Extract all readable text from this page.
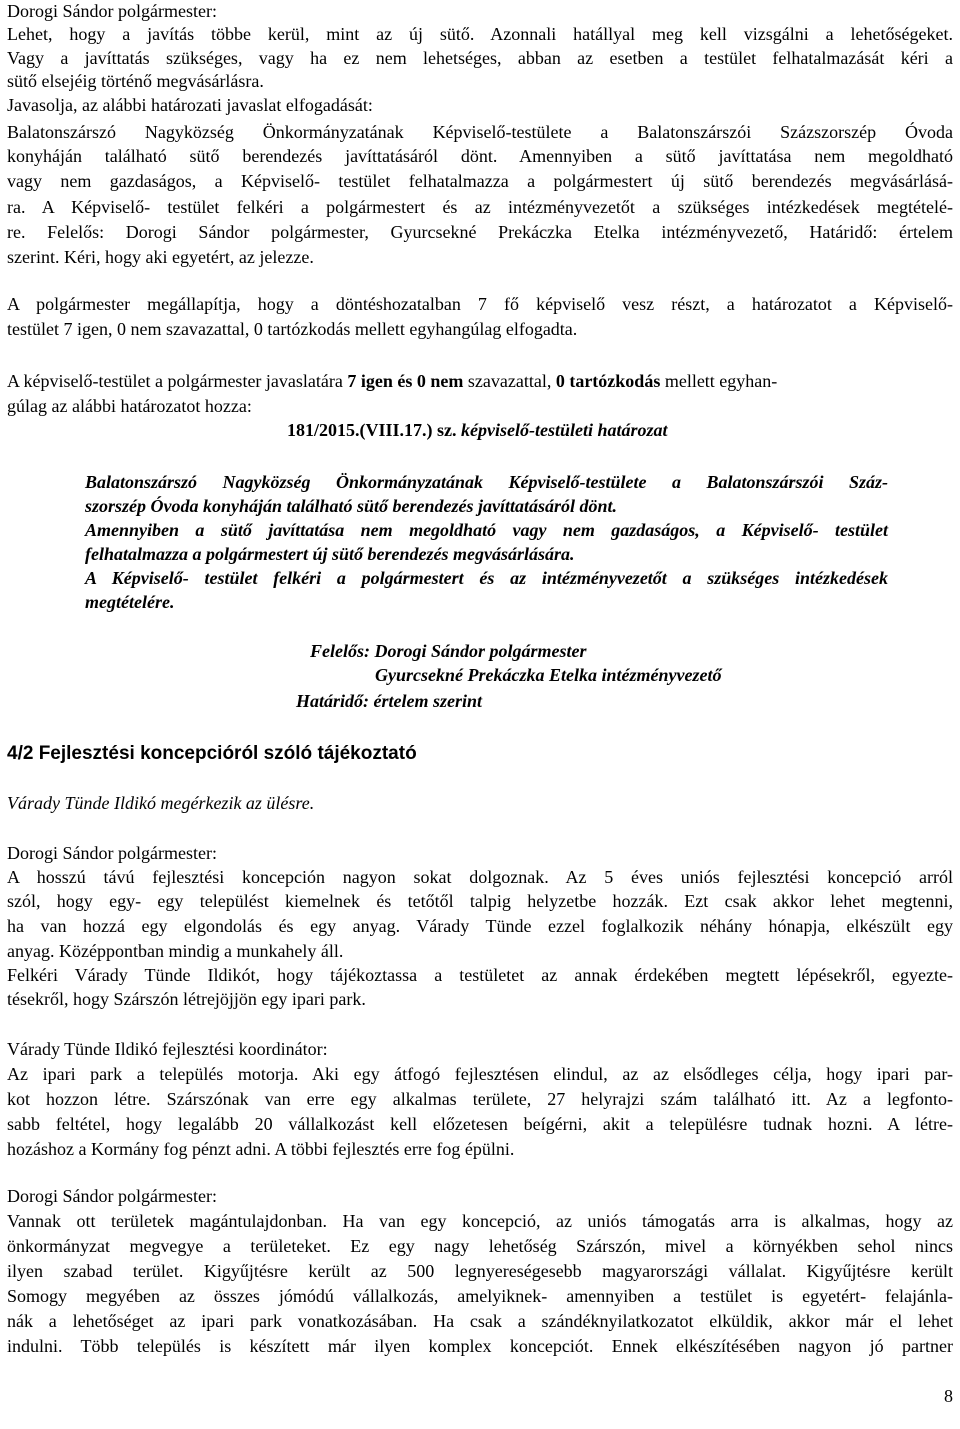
Dorogi Sándor polgármester:
Lehet, hogy a javítás többe kerül, mint az új sütő. Azonnali hatállyal meg kell vizsgálni a lehetőségeket.
Vagy a javíttatás szükséges, vagy ha ez nem lehetséges, abban az esetben a testület felhatalmazását kéri a
sütő elsejéig történő megvásárlásra.
Javasolja, az alábbi határozati javaslat elfogadását:
Balatonszárszó Nagyközség Önkormányzatának Képviselő-testülete a Balatonszárszói Százszorszép Óvoda
konyháján található sütő berendezés javíttatásáról dönt. Amennyiben a sütő javíttatása nem megoldható
vagy nem gazdaságos, a Képviselő- testület felhatalmazza a polgármestert új sütő berendezés megvásárlásá-
ra. A Képviselő- testület felkéri a polgármestert és az intézményvezetőt a szükséges intézkedések megtételé-
re. Felelős: Dorogi Sándor polgármester, Gyurcsekné Prekáczka Etelka intézményvezető, Határidő: értelem
szerint. Kéri, hogy aki egyetért, az jelezze.
A polgármester megállapítja, hogy a döntéshozatalban 7 fő képviselő vesz részt, a határozatot a Képviselő-
testület 7 igen, 0 nem szavazattal, 0 tartózkodás mellett egyhangúlag elfogadta.
A képviselő-testület a polgármester javaslatára 7 igen és 0 nem szavazattal, 0 tartózkodás mellett egyhan-
gúlag az alábbi határozatot hozza:
181/2015.(VIII.17.) sz. képviselő-testületi határozat
Balatonszárszó Nagyközség Önkormányzatának Képviselő-testülete a Balatonszárszói Száz-
szorszép Óvoda konyháján található sütő berendezés javíttatásáról dönt.
Amennyiben a sütő javíttatása nem megoldható vagy nem gazdaságos, a Képviselő- testület
felhatalmazza a polgármestert új sütő berendezés megvásárlására.
A Képviselő- testület felkéri a polgármestert és az intézményvezetőt a szükséges intézkedések
megtételére.
Felelős: Dorogi Sándor polgármester
Gyurcsekné Prekáczka Etelka intézményvezető
Határidő: értelem szerint
4/2 Fejlesztési koncepcióról szóló tájékoztató
Várady Tünde Ildikó megérkezik az ülésre.
Dorogi Sándor polgármester:
A hosszú távú fejlesztési koncepción nagyon sokat dolgoznak. Az 5 éves uniós fejlesztési koncepció arról
szól, hogy egy- egy települést kiemelnek és tetőtől talpig helyzetbe hozzák. Ezt csak akkor lehet megtenni,
ha van hozzá egy elgondolás és egy anyag. Várady Tünde ezzel foglalkozik néhány hónapja, elkészült egy
anyag. Középpontban mindig a munkahely áll.
Felkéri Várady Tünde Ildikót, hogy tájékoztassa a testületet az annak érdekében megtett lépésekről, egyezte-
tésekről, hogy Szárszón létrejöjjön egy ipari park.
Várady Tünde Ildikó fejlesztési koordinátor:
Az ipari park a település motorja. Aki egy átfogó fejlesztésen elindul, az az elsődleges célja, hogy ipari par-
kot hozzon létre. Szárszónak van erre egy alkalmas területe, 27 helyrajzi szám található itt. Az a legfonto-
sabb feltétel, hogy legalább 20 vállalkozást kell előzetesen beígérni, akit a településre tudnak hozni. A létre-
hozáshoz a Kormány fog pénzt adni. A többi fejlesztés erre fog épülni.
Dorogi Sándor polgármester:
Vannak ott területek magántulajdonban. Ha van egy koncepció, az uniós támogatás arra is alkalmas, hogy az
önkormányzat megvegye a területeket. Ez egy nagy lehetőség Szárszón, mivel a környékben sehol nincs
ilyen szabad terület. Kigyűjtésre került az 500 legnyereségesebb magyarországi vállalat. Kigyűjtésre került
Somogy megyében az összes jómódú vállalkozás, amelyiknek- amennyiben a testület is egyetért- felajánla-
nák a lehetőséget az ipari park vonatkozásában. Ha csak a szándéknyilatkozatot elküldik, akkor már el lehet
indulni. Több település is készített már ilyen komplex koncepciót. Ennek elkészítésében nagyon jó partner
8
